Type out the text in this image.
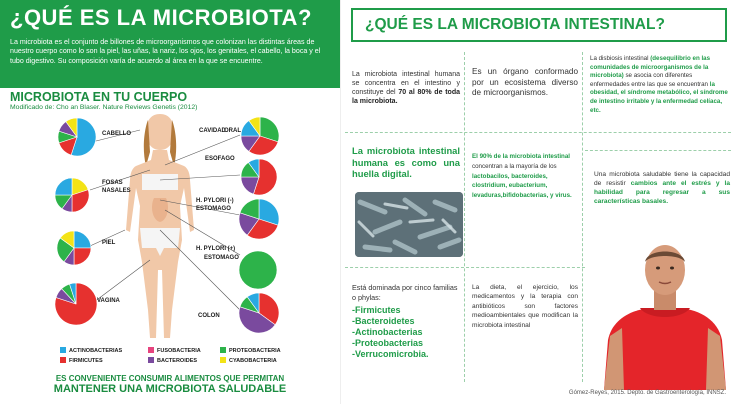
¿QUÉ ES LA MICROBIOTA?
La microbiota es el conjunto de billones de microorganismos que colonizan las distintas áreas de nuestro cuerpo como lo son la piel, las uñas, la nariz, los ojos, los genitales, el cabello, la boca y el tubo digestivo. Su composición varía de acuerdo al área en la que se encuentre.
MICROBIOTA EN TU CUERPO
Modificado de: Cho an Blaser. Nature Reviews Genetis (2012)
CABELLO
FOSAS
NASALES
PIEL
VAGINA
CAVIDAD
ORAL
ESOFAGO
H. PYLORI (-)
ESTOMAGO
H. PYLORI (+)
ESTOMAGO
COLON
ACTINOBACTERIAS	FUSOBACTERIA	PROTEOBACTERIA
FIRMICUTES	BACTEROIDES	CYABOBACTERIA
ES CONVENIENTE CONSUMIR ALIMENTOS QUE PERMITAN
MANTENER UNA MICROBIOTA SALUDABLE
¿QUÉ ES LA MICROBIOTA INTESTINAL?
La microbiota intestinal humana se concentra en el intestino y constituye del 70 al 80% de toda la microbiota.
Es un órgano conformado por un ecosistema diverso de microorganismos.
La disbiosis intestinal (desequilibrio en las comunidades de microorganismos de la microbiota) se asocia con diferentes enfermedades entre las que se encuentran la obesidad, el síndrome metabólico, el síndrome de intestino irritable y la enfermedad celíaca, etc.
La microbiota intestinal humana es como una huella digital.
El 90% de la microbiota intestinal concentran a la mayoría de los lactobacilos, bacteroides, clostridium, eubacterium, levaduras,bifidobacterias, y virus.
Una microbiota saludable tiene la capacidad de resistir cambios ante el estrés y la habilidad para regresar a sus características basales.
Está dominada por cinco familias o phylas:
-Firmicutes
-Bacteroidetes
-Actinobacterias
-Proteobacterias
-Verrucomicrobia.
La dieta, el ejercicio, los medicamentos y la terapia con antibióticos son factores medioambientales que modifican la microbiota intestinal
Gómez-Reyes, 2015. Depto. de Gastroenterología, INNSZ.
